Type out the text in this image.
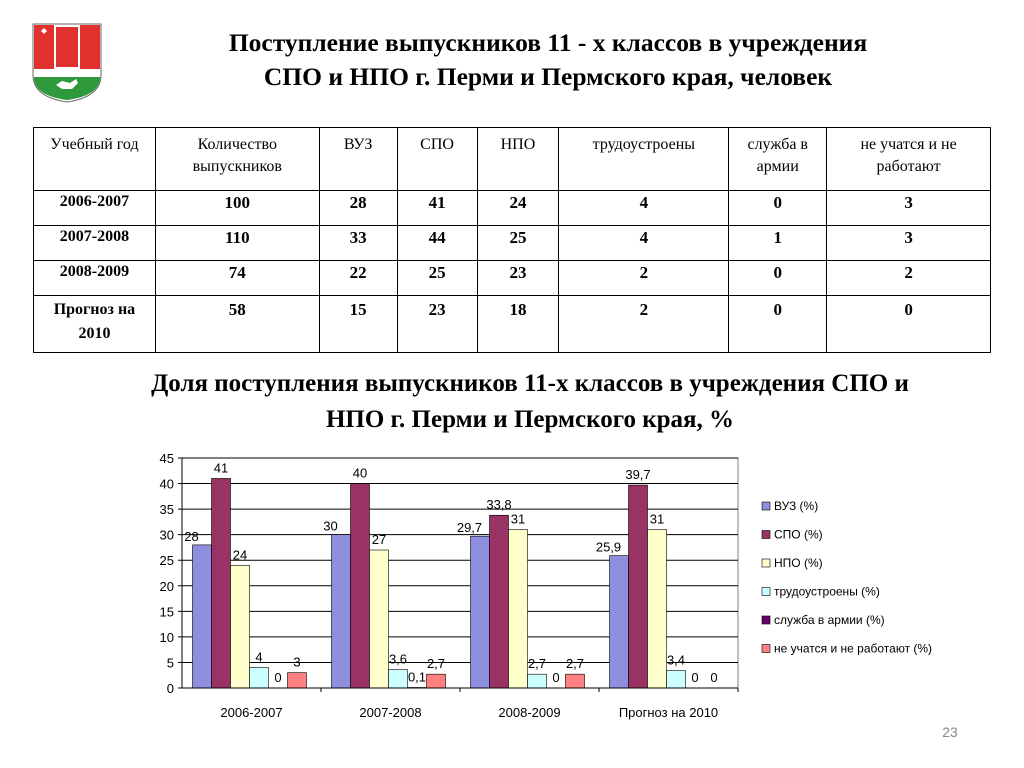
Поступление выпускников 11 - х классов в учреждения
СПО и НПО г. Перми и Пермского края, человек
Учебный год	Количество выпускников	ВУЗ	СПО	НПО	трудоустроены	служба в армии	не учатся и не работают
2006-2007	100	28	41	24	4	0	3
2007-2008	110	33	44	25	4	1	3
2008-2009	74	22	25	23	2	0	2
Прогноз на 2010	58	15	23	18	2	0	0
Доля поступления выпускников 11-х классов в учреждения СПО и
НПО г. Перми и Пермского края, %
0
5
10
15
20
25
30
35
40
45
28
41
24
4
0
3
2006-2007
30
40
27
3,6
0,1
2,7
2007-2008
29,7
33,8
31
2,7
0
2,7
2008-2009
25,9
39,7
31
3,4
0 0
Прогноз на 2010
ВУЗ (%)
СПО (%)
НПО (%)
трудоустроены (%)
служба в армии (%)
не учатся и не работают (%)
23
